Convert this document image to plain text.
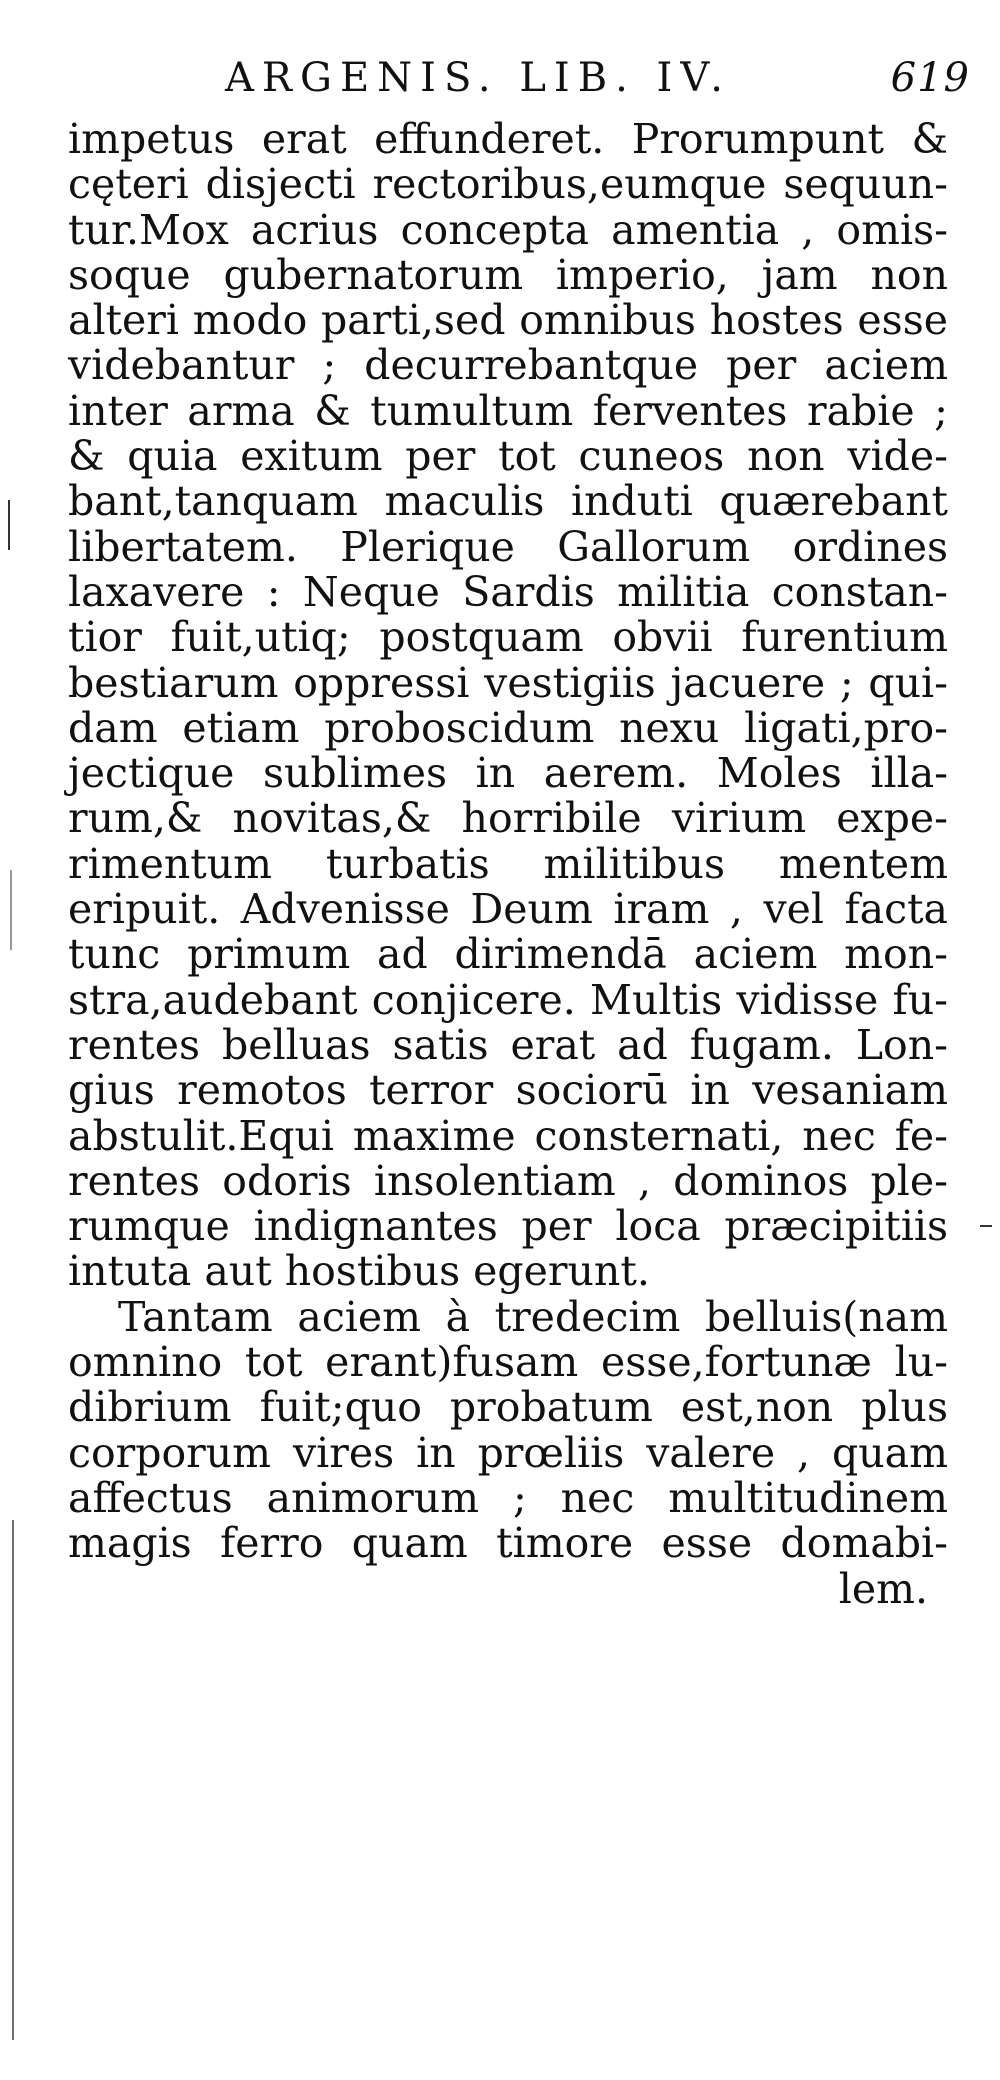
ARGENIS. LIB. IV.	619
impetus erat effunderet. Prorumpunt &
cęteri disjecti rectoribus,eumque sequun-
tur.Mox acrius concepta amentia , omis-
soque gubernatorum imperio, jam non
alteri modo parti,sed omnibus hostes esse
videbantur ; decurrebantque per aciem
inter arma & tumultum ferventes rabie ;
& quia exitum per tot cuneos non vide-
bant,tanquam maculis induti quærebant
libertatem. Plerique Gallorum ordines
laxavere : Neque Sardis militia constan-
tior fuit,utiq; postquam obvii furentium
bestiarum oppressi vestigiis jacuere ; qui-
dam etiam proboscidum nexu ligati,pro-
jectique sublimes in aerem. Moles illa-
rum,& novitas,& horribile virium expe-
rimentum turbatis militibus mentem
eripuit. Advenisse Deum iram , vel facta
tunc primum ad dirimendā aciem mon-
stra,audebant conjicere. Multis vidisse fu-
rentes belluas satis erat ad fugam. Lon-
gius remotos terror sociorū in vesaniam
abstulit.Equi maxime consternati, nec fe-
rentes odoris insolentiam , dominos ple-
rumque indignantes per loca præcipitiis
intuta aut hostibus egerunt.
Tantam aciem à tredecim belluis(nam
omnino tot erant)fusam esse,fortunæ lu-
dibrium fuit;quo probatum est,non plus
corporum vires in prœliis valere , quam
affectus animorum ; nec multitudinem
magis ferro quam timore esse domabi-
lem.
